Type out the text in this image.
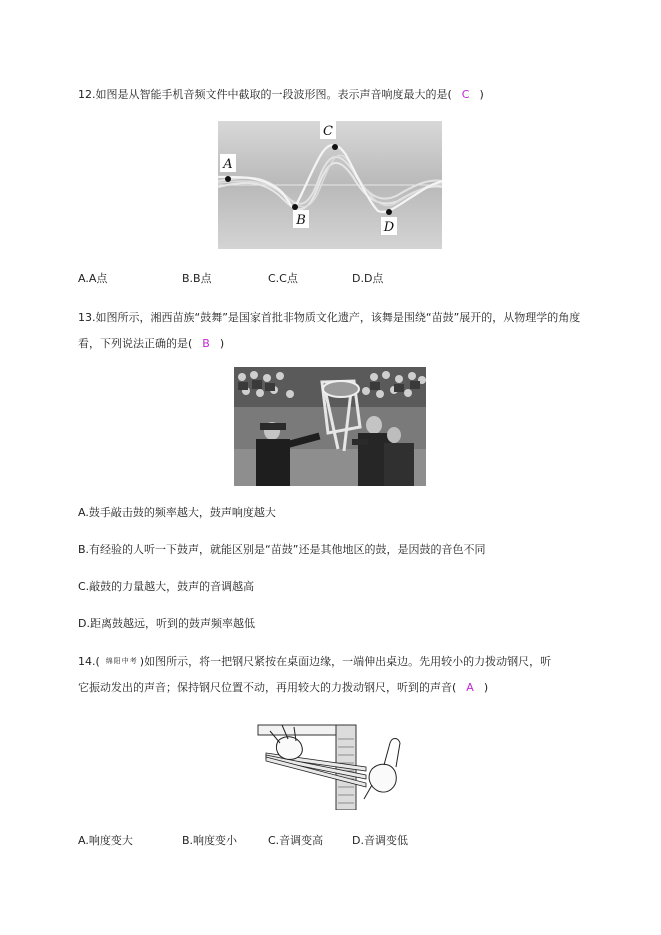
12.如图是从智能手机音频文件中截取的一段波形图。表示声音响度最大的是( C )
A
B
C
D
A.A点	B.B点	C.C点	D.D点
13.如图所示，湘西苗族“鼓舞”是国家首批非物质文化遗产，该舞是围绕“苗鼓”展开的，从物理学的角度
看，下列说法正确的是( B )
A.鼓手敲击鼓的频率越大，鼓声响度越大
B.有经验的人听一下鼓声，就能区别是“苗鼓”还是其他地区的鼓，是因鼓的音色不同
C.敲鼓的力量越大，鼓声的音调越高
D.距离鼓越远，听到的鼓声频率越低
14.( 绵阳中考 )如图所示，将一把钢尺紧按在桌面边缘，一端伸出桌边。先用较小的力拨动钢尺，听
它振动发出的声音；保持钢尺位置不动，再用较大的力拨动钢尺，听到的声音( A )
A.响度变大	B.响度变小	C.音调变高	D.音调变低
